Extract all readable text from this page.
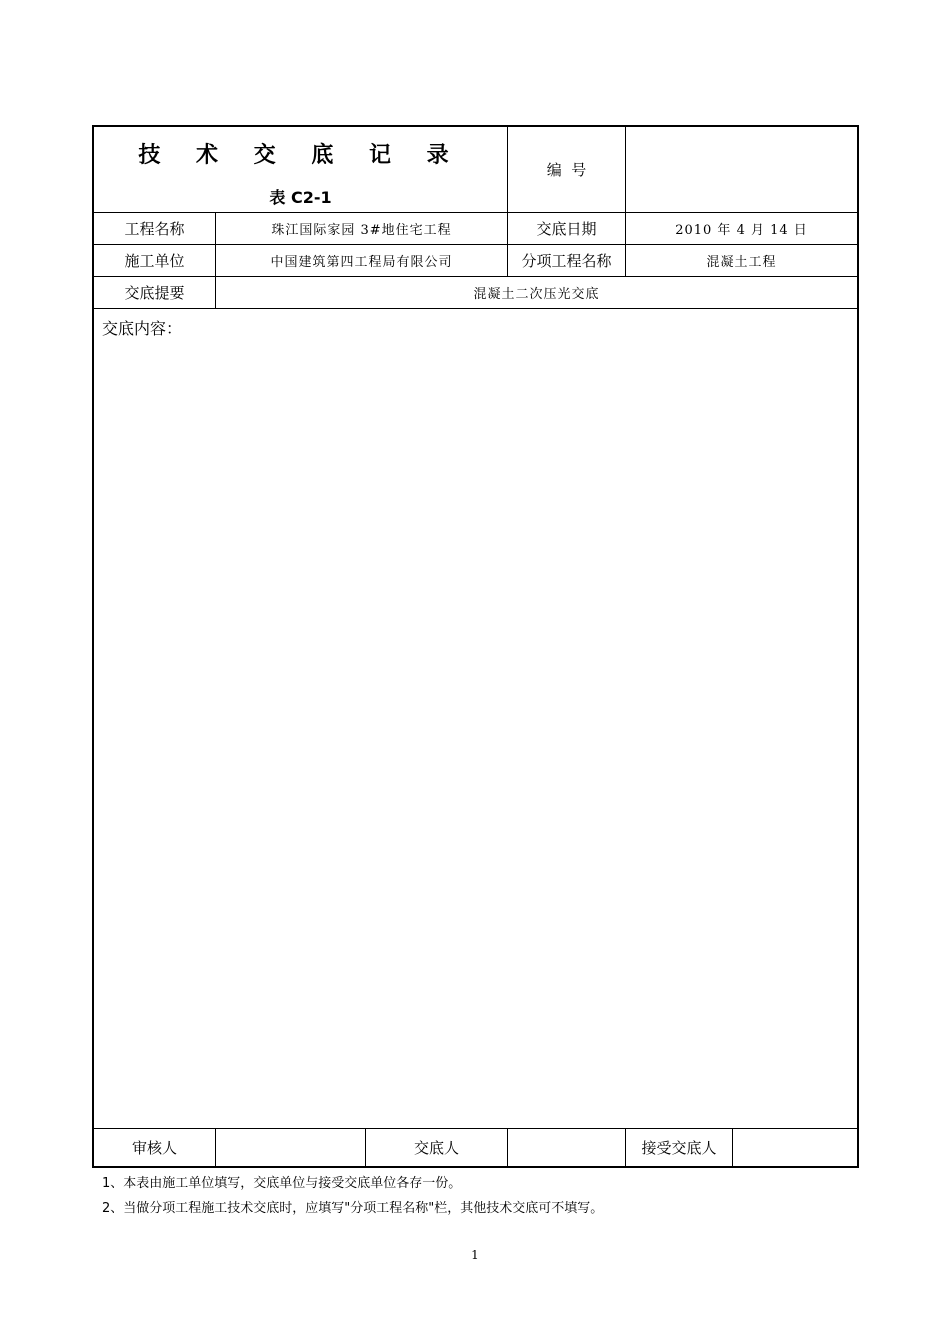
技 术 交 底 记 录
表 C2-1
编  号
工程名称	珠江国际家园 3#地住宅工程	交底日期	2010 年 4 月 14 日
施工单位	中国建筑第四工程局有限公司	分项工程名称	混凝土工程
交底提要	混凝土二次压光交底
交底内容：
审核人	交底人	接受交底人
1、本表由施工单位填写，交底单位与接受交底单位各存一份。
2、当做分项工程施工技术交底时，应填写"分项工程名称"栏，其他技术交底可不填写。
1
